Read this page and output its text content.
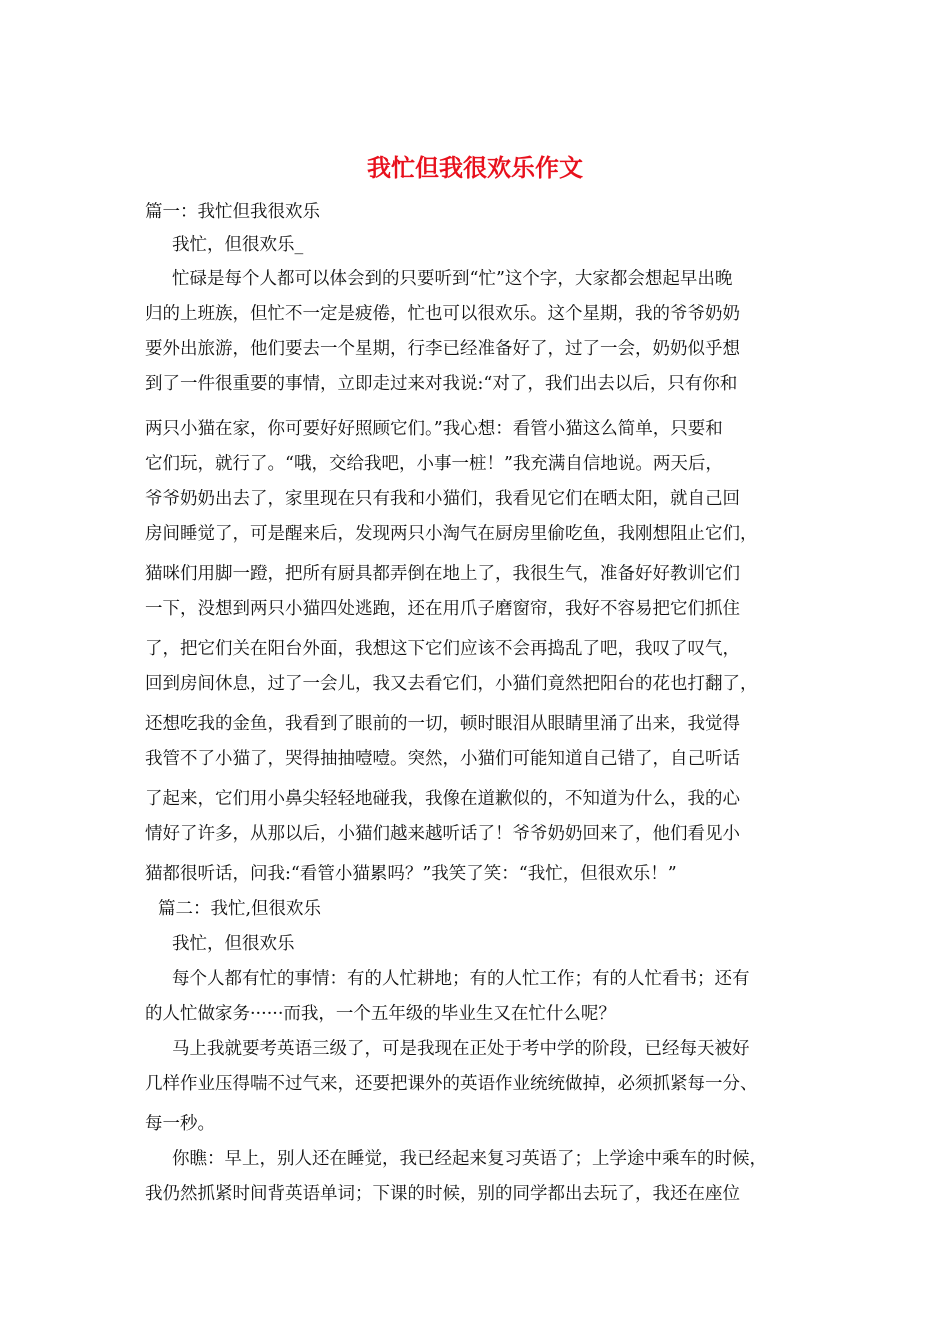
我忙但我很欢乐作文
篇一：我忙但我很欢乐
我忙，但很欢乐_
忙碌是每个人都可以体会到的只要听到“忙”这个字，大家都会想起早出晚
归的上班族，但忙不一定是疲倦，忙也可以很欢乐。这个星期，我的爷爷奶奶
要外出旅游，他们要去一个星期，行李已经准备好了，过了一会，奶奶似乎想
到了一件很重要的事情，立即走过来对我说:“对了，我们出去以后，只有你和
两只小猫在家，你可要好好照顾它们。”我心想：看管小猫这么简单，只要和
它们玩，就行了。“哦，交给我吧，小事一桩！”我充满自信地说。两天后，
爷爷奶奶出去了，家里现在只有我和小猫们，我看见它们在晒太阳，就自己回
房间睡觉了，可是醒来后，发现两只小淘气在厨房里偷吃鱼，我刚想阻止它们，
猫咪们用脚一蹬，把所有厨具都弄倒在地上了，我很生气，准备好好教训它们
一下，没想到两只小猫四处逃跑，还在用爪子磨窗帘，我好不容易把它们抓住
了，把它们关在阳台外面，我想这下它们应该不会再捣乱了吧，我叹了叹气，
回到房间休息，过了一会儿，我又去看它们，小猫们竟然把阳台的花也打翻了，
还想吃我的金鱼，我看到了眼前的一切，顿时眼泪从眼睛里涌了出来，我觉得
我管不了小猫了，哭得抽抽噎噎。突然，小猫们可能知道自己错了，自己听话
了起来，它们用小鼻尖轻轻地碰我，我像在道歉似的，不知道为什么，我的心
情好了许多，从那以后，小猫们越来越听话了！爷爷奶奶回来了，他们看见小
猫都很听话，问我:“看管小猫累吗？”我笑了笑：“我忙，但很欢乐！”
篇二：我忙,但很欢乐
我忙，但很欢乐
每个人都有忙的事情：有的人忙耕地；有的人忙工作；有的人忙看书；还有
的人忙做家务······而我，一个五年级的毕业生又在忙什么呢？
马上我就要考英语三级了，可是我现在正处于考中学的阶段，已经每天被好
几样作业压得喘不过气来，还要把课外的英语作业统统做掉，必须抓紧每一分、
每一秒。
你瞧：早上，别人还在睡觉，我已经起来复习英语了；上学途中乘车的时候，
我仍然抓紧时间背英语单词；下课的时候，别的同学都出去玩了，我还在座位
